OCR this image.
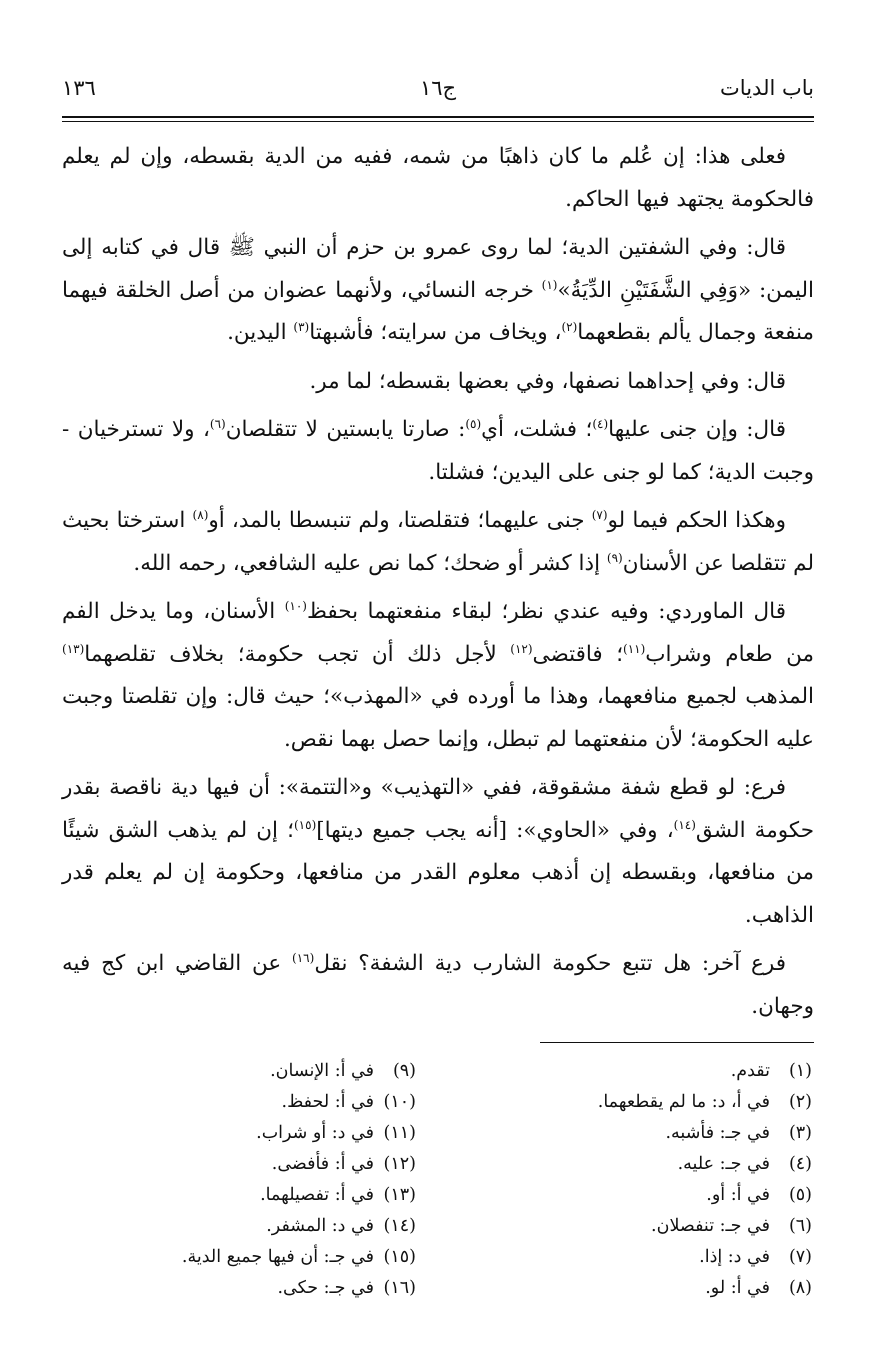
باب الديات
ج١٦
١٣٦

فعلى هذا: إن عُلم ما كان ذاهبًا من شمه، ففيه من الدية بقسطه، وإن لم يعلم فالحكومة يجتهد فيها الحاكم.

قال: وفي الشفتين الدية؛ لما روى عمرو بن حزم أن النبي ﷺ قال في كتابه إلى اليمن: «وَفِي الشَّفَتَيْنِ الدِّيَةُ»$^{(١)}$ خرجه النسائي، ولأنهما عضوان من أصل الخلقة فيهما منفعة وجمال يألم بقطعهما$^{(٢)}$، ويخاف من سرايته؛ فأشبهتا$^{(٣)}$ اليدين.

قال: وفي إحداهما نصفها، وفي بعضها بقسطه؛ لما مر.

قال: وإن جنى عليها$^{(٤)}$؛ فشلت، أي$^{(٥)}$: صارتا يابستين لا تتقلصان$^{(٦)}$، ولا تسترخيان - وجبت الدية؛ كما لو جنى على اليدين؛ فشلتا.

وهكذا الحكم فيما لو$^{(٧)}$ جنى عليهما؛ فتقلصتا، ولم تنبسطا بالمد، أو$^{(٨)}$ استرختا بحيث لم تتقلصا عن الأسنان$^{(٩)}$ إذا كشر أو ضحك؛ كما نص عليه الشافعي، رحمه الله.

قال الماوردي: وفيه عندي نظر؛ لبقاء منفعتهما بحفظ$^{(١٠)}$ الأسنان، وما يدخل الفم من طعام وشراب$^{(١١)}$؛ فاقتضى$^{(١٢)}$ لأجل ذلك أن تجب حكومة؛ بخلاف تقلصهما$^{(١٣)}$ المذهب لجميع منافعهما، وهذا ما أورده في «المهذب»؛ حيث قال: وإن تقلصتا وجبت عليه الحكومة؛ لأن منفعتهما لم تبطل، وإنما حصل بهما نقص.

فرع: لو قطع شفة مشقوقة، ففي «التهذيب» و«التتمة»: أن فيها دية ناقصة بقدر حكومة الشق$^{(١٤)}$، وفي «الحاوي»: [أنه يجب جميع ديتها]$^{(١٥)}$؛ إن لم يذهب الشق شيئًا من منافعها، وبقسطه إن أذهب معلوم القدر من منافعها، وحكومة إن لم يعلم قدر الذاهب.

فرع آخر: هل تتبع حكومة الشارب دية الشفة؟ نقل$^{(١٦)}$ عن القاضي ابن كج فيه وجهان.

(١)تقدم.
(٢)في أ، د: ما لم يقطعهما.
(٣)في جـ: فأشبه.
(٤)في جـ: عليه.
(٥)في أ: أو.
(٦)في جـ: تنفصلان.
(٧)في د: إذا.
(٨)في أ: لو.
(٩)في أ: الإنسان.
(١٠)في أ: لحفظ.
(١١)في د: أو شراب.
(١٢)في أ: فأفضى.
(١٣)في أ: تفصيلهما.
(١٤)في د: المشفر.
(١٥)في جـ: أن فيها جميع الدية.
(١٦)في جـ: حكى.
